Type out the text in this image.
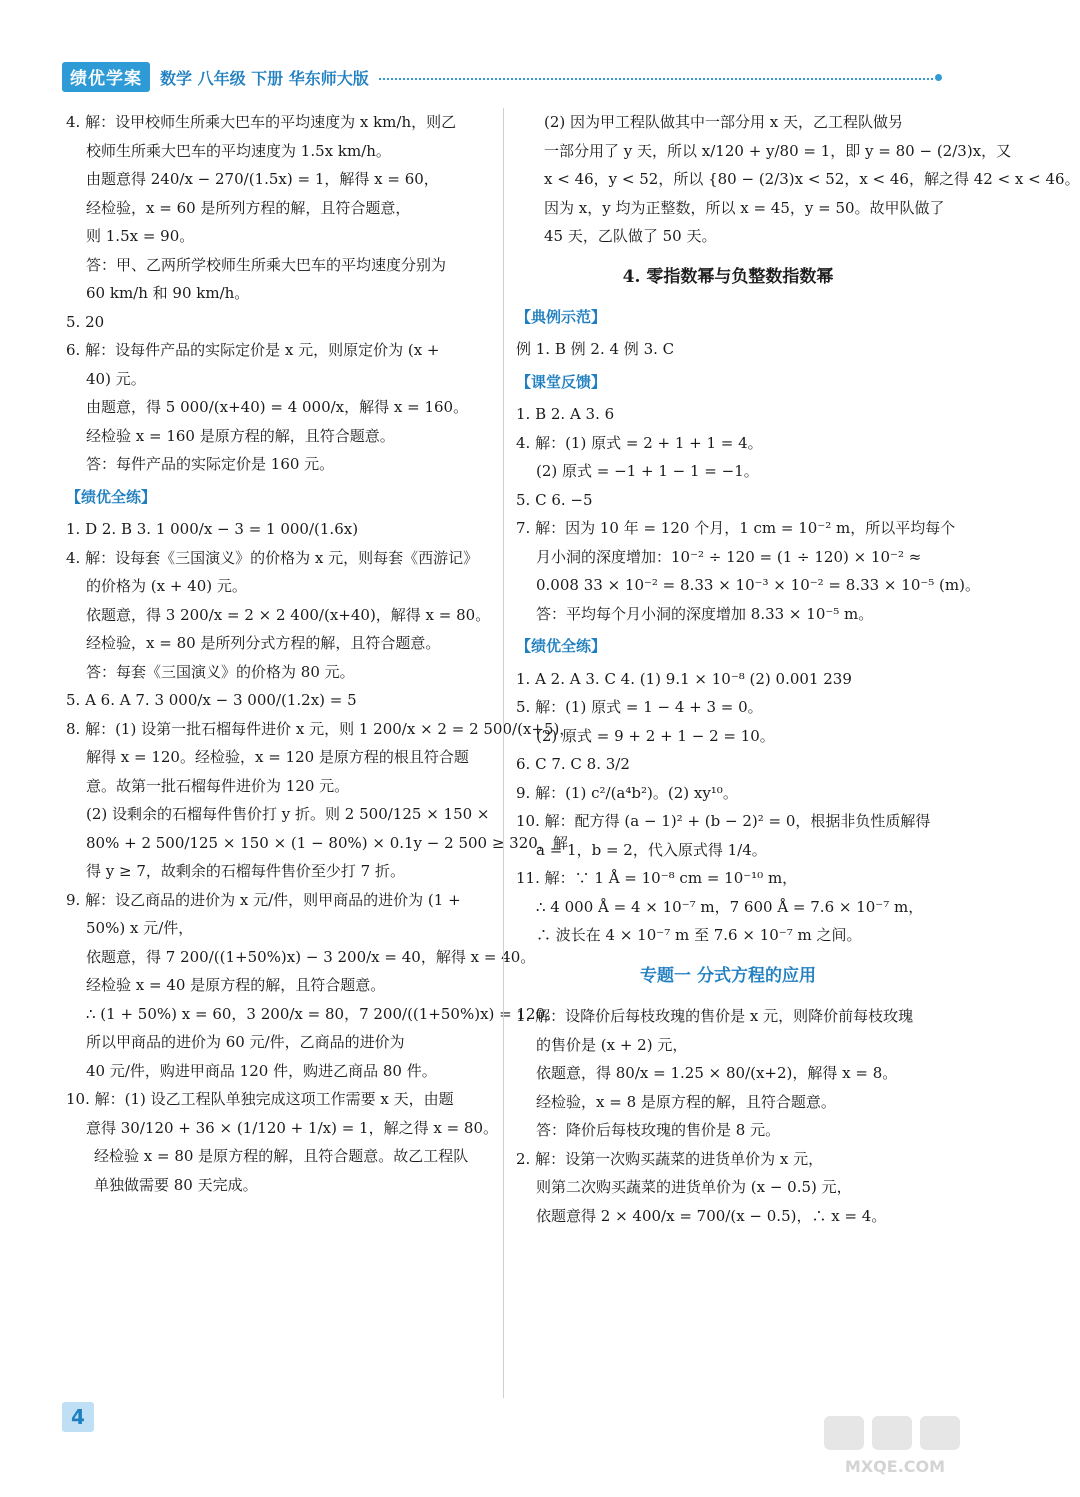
绩优学案	数学 八年级 下册 华东师大版
4. 解：设甲校师生所乘大巴车的平均速度为 x km/h，则乙
校师生所乘大巴车的平均速度为 1.5x km/h。
由题意得 240/x − 270/(1.5x) = 1，解得 x = 60，
经检验，x = 60 是所列方程的解，且符合题意，
则 1.5x = 90。
答：甲、乙两所学校师生所乘大巴车的平均速度分别为
60 km/h 和 90 km/h。
5. 20
6. 解：设每件产品的实际定价是 x 元，则原定价为 (x +
40) 元。
由题意，得 5 000/(x+40) = 4 000/x，解得 x = 160。
经检验 x = 160 是原方程的解，且符合题意。
答：每件产品的实际定价是 160 元。
【绩优全练】
1. D 2. B 3. 1 000/x − 3 = 1 000/(1.6x)
4. 解：设每套《三国演义》的价格为 x 元，则每套《西游记》
的价格为 (x + 40) 元。
依题意，得 3 200/x = 2 × 2 400/(x+40)，解得 x = 80。
经检验，x = 80 是所列分式方程的解，且符合题意。
答：每套《三国演义》的价格为 80 元。
5. A 6. A 7. 3 000/x − 3 000/(1.2x) = 5
8. 解：(1) 设第一批石榴每件进价 x 元，则 1 200/x × 2 = 2 500/(x+5)，
解得 x = 120。经检验，x = 120 是原方程的根且符合题
意。故第一批石榴每件进价为 120 元。
(2) 设剩余的石榴每件售价打 y 折。则 2 500/125 × 150 ×
80% + 2 500/125 × 150 × (1 − 80%) × 0.1y − 2 500 ≥ 320，解
得 y ≥ 7，故剩余的石榴每件售价至少打 7 折。
9. 解：设乙商品的进价为 x 元/件，则甲商品的进价为 (1 +
50%) x 元/件，
依题意，得 7 200/((1+50%)x) − 3 200/x = 40，解得 x = 40。
经检验 x = 40 是原方程的解，且符合题意。
∴ (1 + 50%) x = 60，3 200/x = 80，7 200/((1+50%)x) = 120。
所以甲商品的进价为 60 元/件，乙商品的进价为
40 元/件，购进甲商品 120 件，购进乙商品 80 件。
10. 解：(1) 设乙工程队单独完成这项工作需要 x 天，由题
意得 30/120 + 36 × (1/120 + 1/x) = 1，解之得 x = 80。
经检验 x = 80 是原方程的解，且符合题意。故乙工程队
单独做需要 80 天完成。
(2) 因为甲工程队做其中一部分用 x 天，乙工程队做另
一部分用了 y 天，所以 x/120 + y/80 = 1，即 y = 80 − (2/3)x，又
x < 46，y < 52，所以 {80 − (2/3)x < 52，x < 46，解之得 42 < x < 46。
因为 x，y 均为正整数，所以 x = 45，y = 50。故甲队做了
45 天，乙队做了 50 天。
4. 零指数幂与负整数指数幂
【典例示范】
例 1. B 例 2. 4 例 3. C
【课堂反馈】
1. B 2. A 3. 6
4. 解：(1) 原式 = 2 + 1 + 1 = 4。
(2) 原式 = −1 + 1 − 1 = −1。
5. C 6. −5
7. 解：因为 10 年 = 120 个月，1 cm = 10⁻² m，所以平均每个
月小洞的深度增加：10⁻² ÷ 120 = (1 ÷ 120) × 10⁻² ≈
0.008 33 × 10⁻² = 8.33 × 10⁻³ × 10⁻² = 8.33 × 10⁻⁵ (m)。
答：平均每个月小洞的深度增加 8.33 × 10⁻⁵ m。
【绩优全练】
1. A 2. A 3. C 4. (1) 9.1 × 10⁻⁸ (2) 0.001 239
5. 解：(1) 原式 = 1 − 4 + 3 = 0。
(2) 原式 = 9 + 2 + 1 − 2 = 10。
6. C 7. C 8. 3/2
9. 解：(1) c²/(a⁴b²)。(2) xy¹⁰。
10. 解：配方得 (a − 1)² + (b − 2)² = 0，根据非负性质解得
a = 1，b = 2，代入原式得 1/4。
11. 解：∵ 1 Å = 10⁻⁸ cm = 10⁻¹⁰ m，
∴ 4 000 Å = 4 × 10⁻⁷ m，7 600 Å = 7.6 × 10⁻⁷ m，
∴ 波长在 4 × 10⁻⁷ m 至 7.6 × 10⁻⁷ m 之间。
专题一 分式方程的应用
1. 解：设降价后每枝玫瑰的售价是 x 元，则降价前每枝玫瑰
的售价是 (x + 2) 元，
依题意，得 80/x = 1.25 × 80/(x+2)，解得 x = 8。
经检验，x = 8 是原方程的解，且符合题意。
答：降价后每枝玫瑰的售价是 8 元。
2. 解：设第一次购买蔬菜的进货单价为 x 元，
则第二次购买蔬菜的进货单价为 (x − 0.5) 元，
依题意得 2 × 400/x = 700/(x − 0.5)，∴ x = 4。
4
MXQE.COM
